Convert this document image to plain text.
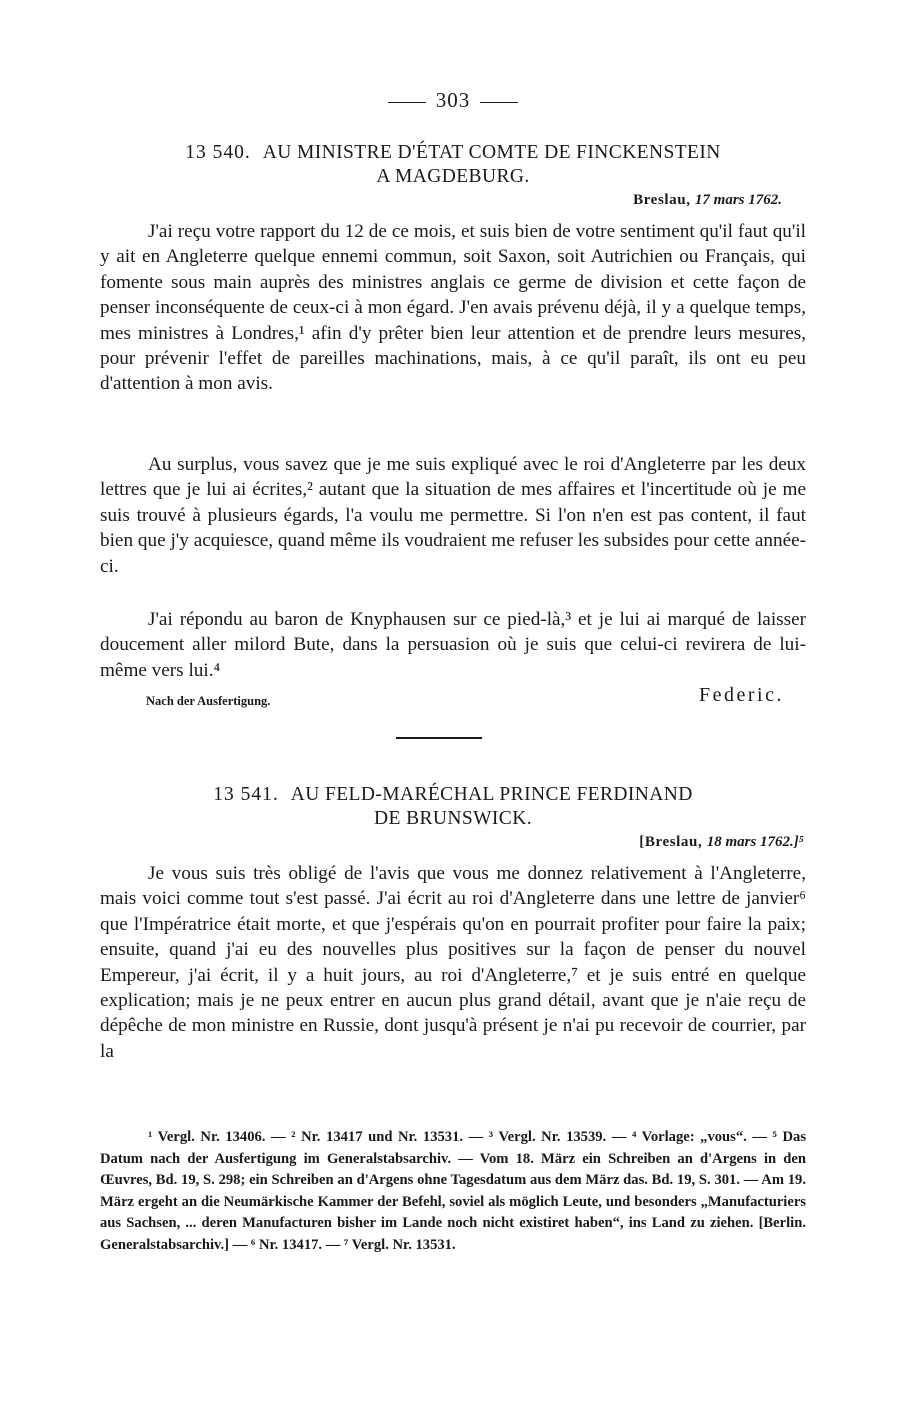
303
13 540. AU MINISTRE D'ÉTAT COMTE DE FINCKENSTEIN
A MAGDEBURG.
Breslau, 17 mars 1762.

J'ai reçu votre rapport du 12 de ce mois, et suis bien de votre sentiment qu'il faut qu'il y ait en Angleterre quelque ennemi commun, soit Saxon, soit Autrichien ou Français, qui fomente sous main auprès des ministres anglais ce germe de division et cette façon de penser inconséquente de ceux-ci à mon égard. J'en avais prévenu déjà, il y a quelque temps, mes ministres à Londres,¹ afin d'y prêter bien leur attention et de prendre leurs mesures, pour prévenir l'effet de pareilles machinations, mais, à ce qu'il paraît, ils ont eu peu d'attention à mon avis.

Au surplus, vous savez que je me suis expliqué avec le roi d'Angleterre par les deux lettres que je lui ai écrites,² autant que la situation de mes affaires et l'incertitude où je me suis trouvé à plusieurs égards, l'a voulu me permettre. Si l'on n'en est pas content, il faut bien que j'y acquiesce, quand même ils voudraient me refuser les subsides pour cette année-ci.

J'ai répondu au baron de Knyphausen sur ce pied-là,³ et je lui ai marqué de laisser doucement aller milord Bute, dans la persuasion où je suis que celui-ci revirera de lui-même vers lui.⁴

Nach der Ausfertigung.	Federic.
13 541. AU FELD-MARÉCHAL PRINCE FERDINAND
DE BRUNSWICK.
[Breslau, 18 mars 1762.]⁵

Je vous suis très obligé de l'avis que vous me donnez relativement à l'Angleterre, mais voici comme tout s'est passé. J'ai écrit au roi d'Angleterre dans une lettre de janvier⁶ que l'Impératrice était morte, et que j'espérais qu'on en pourrait profiter pour faire la paix; ensuite, quand j'ai eu des nouvelles plus positives sur la façon de penser du nouvel Empereur, j'ai écrit, il y a huit jours, au roi d'Angleterre,⁷ et je suis entré en quelque explication; mais je ne peux entrer en aucun plus grand détail, avant que je n'aie reçu de dépêche de mon ministre en Russie, dont jusqu'à présent je n'ai pu recevoir de courrier, par la

¹ Vergl. Nr. 13406. — ² Nr. 13417 und Nr. 13531. — ³ Vergl. Nr. 13539. — ⁴ Vorlage: „vous“. — ⁵ Das Datum nach der Ausfertigung im Generalstabsarchiv. — Vom 18. März ein Schreiben an d'Argens in den Œuvres, Bd. 19, S. 298; ein Schreiben an d'Argens ohne Tagesdatum aus dem März das. Bd. 19, S. 301. — Am 19. März ergeht an die Neumärkische Kammer der Befehl, soviel als möglich Leute, und besonders „Manufacturiers aus Sachsen, ... deren Manufacturen bisher im Lande noch nicht existiret haben“, ins Land zu ziehen. [Berlin. Generalstabsarchiv.] — ⁶ Nr. 13417. — ⁷ Vergl. Nr. 13531.
